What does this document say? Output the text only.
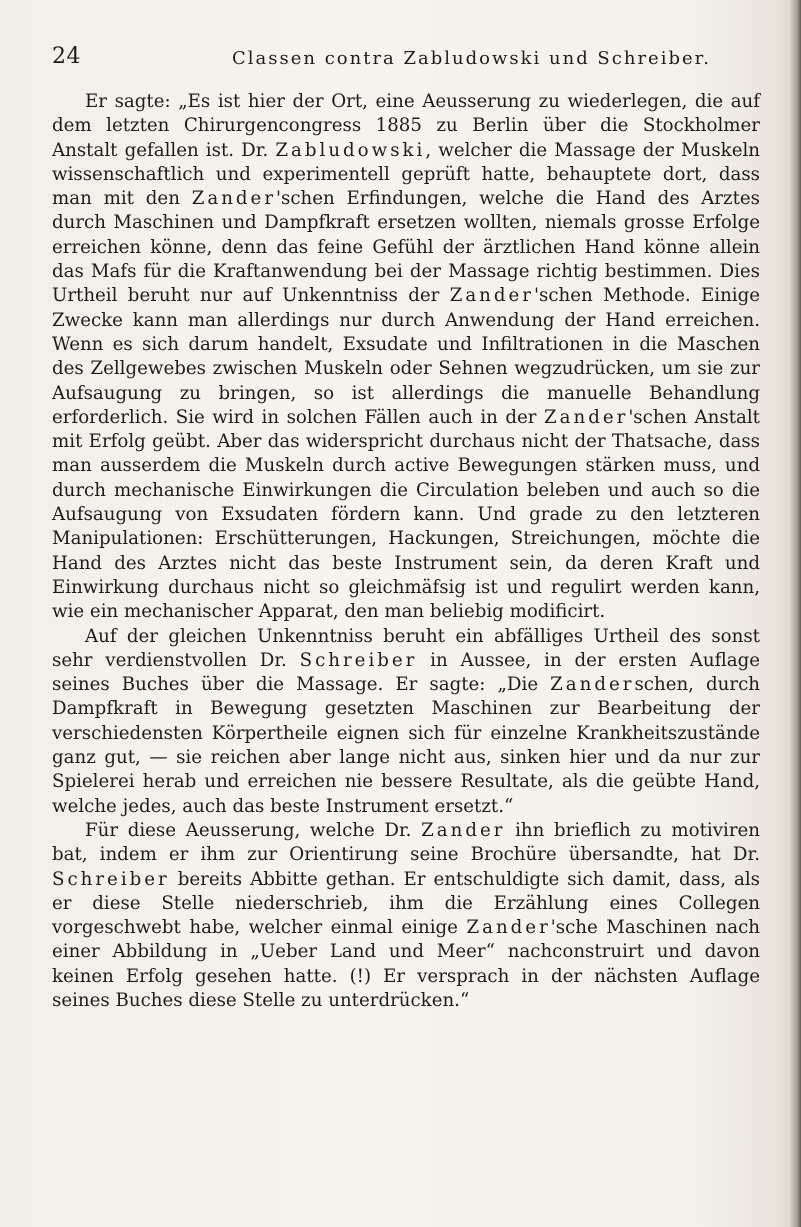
24	Classen contra Zabludowski und Schreiber.

Er sagte: „Es ist hier der Ort, eine Aeusserung zu wiederlegen, die auf dem letzten Chirurgencongress 1885 zu Berlin über die Stockholmer Anstalt gefallen ist. Dr. Zabludowski, welcher die Massage der Muskeln wissenschaftlich und experimentell geprüft hatte, behauptete dort, dass man mit den Zander'schen Erfindungen, welche die Hand des Arztes durch Maschinen und Dampfkraft ersetzen wollten, niemals grosse Erfolge erreichen könne, denn das feine Gefühl der ärztlichen Hand könne allein das Mafs für die Kraftanwendung bei der Massage richtig bestimmen. Dies Urtheil beruht nur auf Unkenntniss der Zander'schen Methode. Einige Zwecke kann man allerdings nur durch Anwendung der Hand erreichen. Wenn es sich darum handelt, Exsudate und Infiltrationen in die Maschen des Zellgewebes zwischen Muskeln oder Sehnen wegzudrücken, um sie zur Aufsaugung zu bringen, so ist allerdings die manuelle Behandlung erforderlich. Sie wird in solchen Fällen auch in der Zander'schen Anstalt mit Erfolg geübt. Aber das widerspricht durchaus nicht der Thatsache, dass man ausserdem die Muskeln durch active Bewegungen stärken muss, und durch mechanische Einwirkungen die Circulation beleben und auch so die Aufsaugung von Exsudaten fördern kann. Und grade zu den letzteren Manipulationen: Erschütterungen, Hackungen, Streichungen, möchte die Hand des Arztes nicht das beste Instrument sein, da deren Kraft und Einwirkung durchaus nicht so gleichmäfsig ist und regulirt werden kann, wie ein mechanischer Apparat, den man beliebig modificirt.

Auf der gleichen Unkenntniss beruht ein abfälliges Urtheil des sonst sehr verdienstvollen Dr. Schreiber in Aussee, in der ersten Auflage seines Buches über die Massage. Er sagte: „Die Zanderschen, durch Dampfkraft in Bewegung gesetzten Maschinen zur Bearbeitung der verschiedensten Körpertheile eignen sich für einzelne Krankheitszustände ganz gut, — sie reichen aber lange nicht aus, sinken hier und da nur zur Spielerei herab und erreichen nie bessere Resultate, als die geübte Hand, welche jedes, auch das beste Instrument ersetzt.“

Für diese Aeusserung, welche Dr. Zander ihn brieflich zu motiviren bat, indem er ihm zur Orientirung seine Brochüre übersandte, hat Dr. Schreiber bereits Abbitte gethan. Er entschuldigte sich damit, dass, als er diese Stelle niederschrieb, ihm die Erzählung eines Collegen vorgeschwebt habe, welcher einmal einige Zander'sche Maschinen nach einer Abbildung in „Ueber Land und Meer“ nachconstruirt und davon keinen Erfolg gesehen hatte. (!) Er versprach in der nächsten Auflage seines Buches diese Stelle zu unterdrücken.“
